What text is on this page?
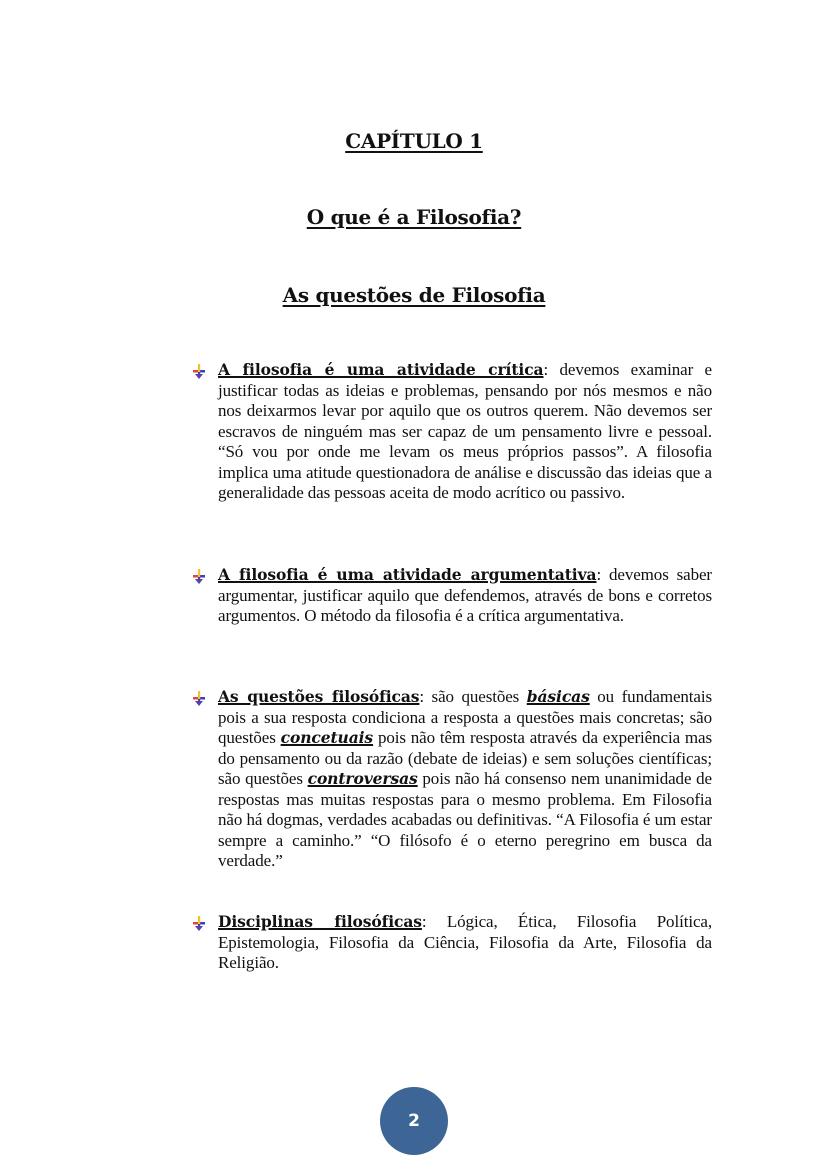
CAPÍTULO 1
O que é a Filosofia?
As questões de Filosofia

A filosofia é uma atividade crítica: devemos examinar e justificar todas as ideias e problemas, pensando por nós mesmos e não nos deixarmos levar por aquilo que os outros querem. Não devemos ser escravos de ninguém mas ser capaz de um pensamento livre e pessoal. “Só vou por onde me levam os meus próprios passos”. A filosofia implica uma atitude questionadora de análise e discussão das ideias que a generalidade das pessoas aceita de modo acrítico ou passivo.

A filosofia é uma atividade argumentativa: devemos saber argumentar, justificar aquilo que defendemos, através de bons e corretos argumentos. O método da filosofia é a crítica argumentativa.

As questões filosóficas: são questões básicas ou fundamentais pois a sua resposta condiciona a resposta a questões mais concretas; são questões concetuais pois não têm resposta através da experiência mas do pensamento ou da razão (debate de ideias) e sem soluções científicas; são questões controversas pois não há consenso nem unanimidade de respostas mas muitas respostas para o mesmo problema. Em Filosofia não há dogmas, verdades acabadas ou definitivas. “A Filosofia é um estar sempre a caminho.” “O filósofo é o eterno peregrino em busca da verdade.”

Disciplinas filosóficas: Lógica, Ética, Filosofia Política, Epistemologia, Filosofia da Ciência, Filosofia da Arte, Filosofia da Religião.

2
